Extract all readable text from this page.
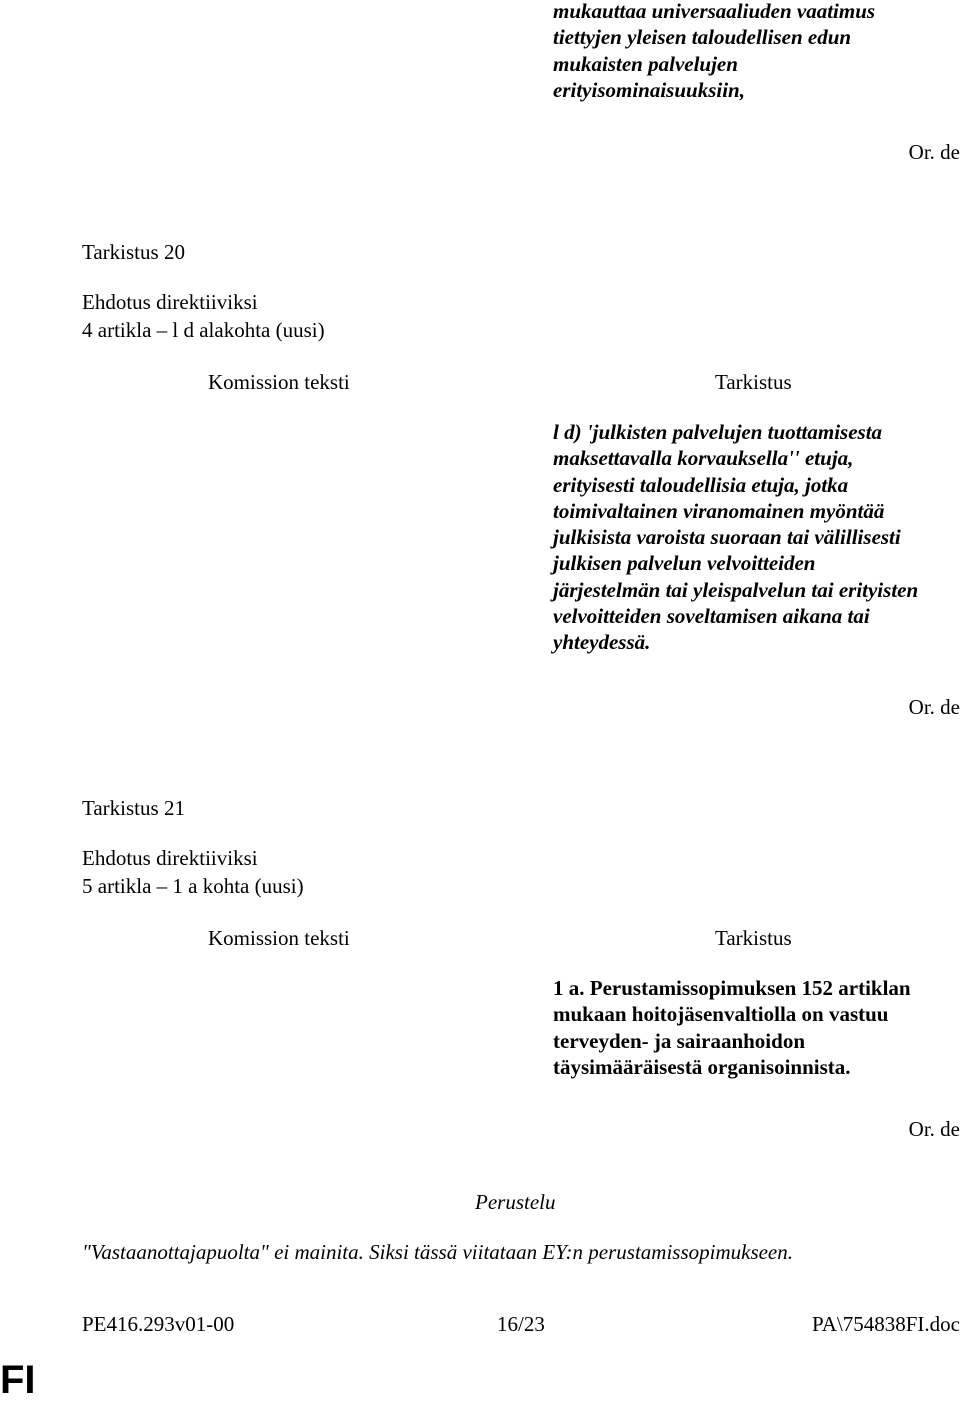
mukauttaa universaaliuden vaatimus
tiettyjen yleisen taloudellisen edun
mukaisten palvelujen
erityisominaisuuksiin,
Or. de
Tarkistus 20
Ehdotus direktiiviksi
4 artikla – l d alakohta (uusi)
Komission teksti	Tarkistus
l d) 'julkisten palvelujen tuottamisesta
maksettavalla korvauksella'' etuja,
erityisesti taloudellisia etuja, jotka
toimivaltainen viranomainen myöntää
julkisista varoista suoraan tai välillisesti
julkisen palvelun velvoitteiden
järjestelmän tai yleispalvelun tai erityisten
velvoitteiden soveltamisen aikana tai
yhteydessä.
Or. de
Tarkistus 21
Ehdotus direktiiviksi
5 artikla – 1 a kohta (uusi)
Komission teksti	Tarkistus
1 a. Perustamissopimuksen 152 artiklan
mukaan hoitojäsenvaltiolla on vastuu
terveyden- ja sairaanhoidon
täysimääräisestä organisoinnista.
Or. de
Perustelu
"Vastaanottajapuolta" ei mainita. Siksi tässä viitataan EY:n perustamissopimukseen.
PE416.293v01-00	16/23	PA\754838FI.doc
FI
